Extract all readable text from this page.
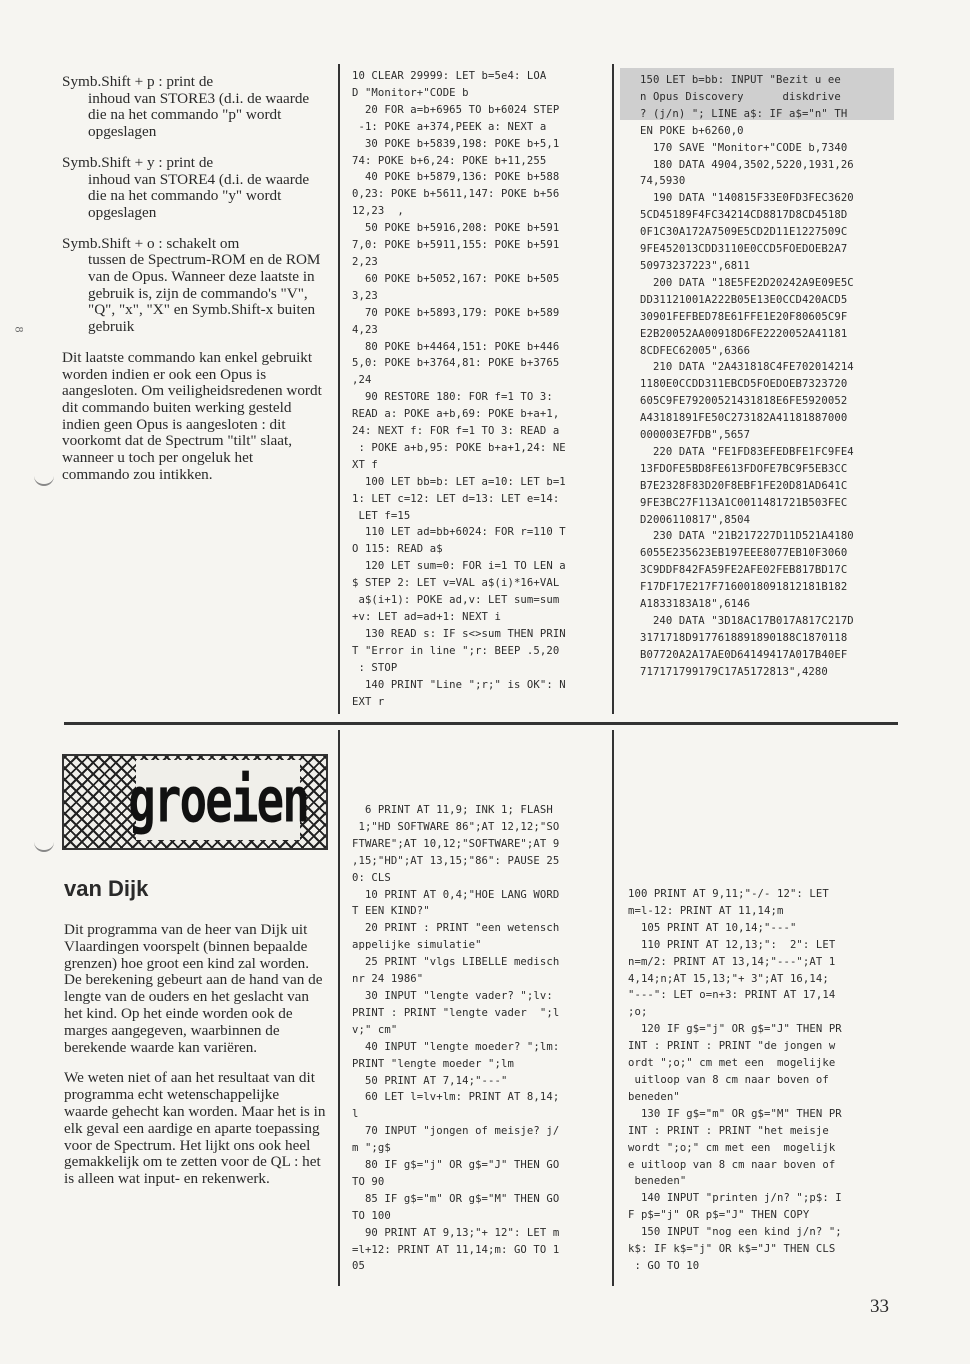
8
Symb.Shift + p : print de
inhoud van STORE3 (d.i. de waarde die na het commando "p" wordt opgeslagen
Symb.Shift + y : print de
inhoud van STORE4 (d.i. de waarde die na het commando "y" wordt opgeslagen
Symb.Shift + o : schakelt om
tussen de Spectrum-ROM en de ROM van de Opus. Wanneer deze laatste in gebruik is, zijn de commando's "V", "Q", "x", "X" en Symb.Shift-x buiten gebruik

Dit laatste commando kan enkel gebruikt worden indien er ook een Opus is aangesloten. Om veiligheidsredenen wordt dit commando buiten werking gesteld indien geen Opus is aangesloten : dit voorkomt dat de Spectrum "tilt" slaat, wanneer u toch per ongeluk het commando zou intikken.

10 CLEAR 29999: LET b=5e4: LOA
D "Monitor+"CODE b
20 FOR a=b+6965 TO b+6024 STEP
-1: POKE a+374,PEEK a: NEXT a
30 POKE b+5839,198: POKE b+5,1
74: POKE b+6,24: POKE b+11,255
40 POKE b+5879,136: POKE b+588
0,23: POKE b+5611,147: POKE b+56
12,23  ,
50 POKE b+5916,208: POKE b+591
7,0: POKE b+5911,155: POKE b+591
2,23
60 POKE b+5052,167: POKE b+505
3,23
70 POKE b+5893,179: POKE b+589
4,23
80 POKE b+4464,151: POKE b+446
5,0: POKE b+3764,81: POKE b+3765
,24
90 RESTORE 180: FOR f=1 TO 3:
READ a: POKE a+b,69: POKE b+a+1,
24: NEXT f: FOR f=1 TO 3: READ a
: POKE a+b,95: POKE b+a+1,24: NE
XT f
100 LET bb=b: LET a=10: LET b=1
1: LET c=12: LET d=13: LET e=14:
LET f=15
110 LET ad=bb+6024: FOR r=110 T
O 115: READ a$
120 LET sum=0: FOR i=1 TO LEN a
$ STEP 2: LET v=VAL a$(i)*16+VAL
a$(i+1): POKE ad,v: LET sum=sum
+v: LET ad=ad+1: NEXT i
130 READ s: IF s<>sum THEN PRIN
T "Error in line ";r: BEEP .5,20
: STOP
140 PRINT "Line ";r;" is OK": N
EXT r
150 LET b=bb: INPUT "Bezit u ee
n Opus Discovery      diskdrive
? (j/n) "; LINE a$: IF a$="n" TH
EN POKE b+6260,0
170 SAVE "Monitor+"CODE b,7340
180 DATA 4904,3502,5220,1931,26
74,5930
190 DATA "140815F33E0FD3FEC3620
5CD45189F4FC34214CD8817D8CD4518D
0F1C30A172A7509E5CD2D11E1227509C
9FE452013CDD3110E0CCD5FOEDOEB2A7
50973237223",6811
200 DATA "18E5FE2D20242A9E09E5C
DD31121001A222B05E13E0CCD420ACD5
30901FEFBED78E61FFE1E20F80605C9F
E2B20052AA00918D6FE2220052A41181
8CDFEC62005",6366
210 DATA "2A431818C4FE702014214
1180E0CCDD311EBCD5FOEDOEB7323720
605C9FE79200521431818E6FE5920052
A43181891FE50C273182A41181887000
000003E7FDB",5657
220 DATA "FE1FD83EFEDBFE1FC9FE4
13FDOFE5BD8FE613FDOFE7BC9F5EB3CC
B7E2328F83D20F8EBF1FE20D81AD641C
9FE3BC27F113A1C0011481721B503FEC
D2006110817",8504
230 DATA "21B217227D11D521A4180
6055E235623EB197EEE8077EB10F3060
3C9DDF842FA59FE2AFE02FEB817BD17C
F17DF17E217F7160018091812181B182
A1833183A18",6146
240 DATA "3D18AC17B017A817C217D
3171718D9177618891890188C1870118
B07720A2A17AE0D64149417A017B40EF
717171799179C17A5172813",4280
groeien
van Dijk

Dit programma van de heer van Dijk uit Vlaardingen voorspelt (binnen bepaalde grenzen) hoe groot een kind zal worden. De berekening gebeurt aan de hand van de lengte van de ouders en het geslacht van het kind. Op het einde worden ook de marges aangegeven, waarbinnen de berekende waarde kan variëren.

We weten niet of aan het resultaat van dit programma echt wetenschappelijke waarde gehecht kan worden. Maar het is in elk geval een aardige en aparte toepassing voor de Spectrum. Het lijkt ons ook heel gemakkelijk om te zetten voor de QL : het is alleen wat input- en rekenwerk.

6 PRINT AT 11,9; INK 1; FLASH
1;"HD SOFTWARE 86";AT 12,12;"SO
FTWARE";AT 10,12;"SOFTWARE";AT 9
,15;"HD";AT 13,15;"86": PAUSE 25
0: CLS
10 PRINT AT 0,4;"HOE LANG WORD
T EEN KIND?"
20 PRINT : PRINT "een wetensch
appelijke simulatie"
25 PRINT "vlgs LIBELLE medisch
nr 24 1986"
30 INPUT "lengte vader? ";lv:
PRINT : PRINT "lengte vader  ";l
v;" cm"
40 INPUT "lengte moeder? ";lm:
PRINT "lengte moeder ";lm
50 PRINT AT 7,14;"---"
60 LET l=lv+lm: PRINT AT 8,14;
l
70 INPUT "jongen of meisje? j/
m ";g$
80 IF g$="j" OR g$="J" THEN GO
TO 90
85 IF g$="m" OR g$="M" THEN GO
TO 100
90 PRINT AT 9,13;"+ 12": LET m
=l+12: PRINT AT 11,14;m: GO TO 1
05
100 PRINT AT 9,11;"-/- 12": LET
m=l-12: PRINT AT 11,14;m
105 PRINT AT 10,14;"---"
110 PRINT AT 12,13;":  2": LET
n=m/2: PRINT AT 13,14;"---";AT 1
4,14;n;AT 15,13;"+ 3";AT 16,14;
"---": LET o=n+3: PRINT AT 17,14
;o;
120 IF g$="j" OR g$="J" THEN PR
INT : PRINT : PRINT "de jongen w
ordt ";o;" cm met een  mogelijke
uitloop van 8 cm naar boven of
beneden"
130 IF g$="m" OR g$="M" THEN PR
INT : PRINT : PRINT "het meisje
wordt ";o;" cm met een  mogelijk
e uitloop van 8 cm naar boven of
beneden"
140 INPUT "printen j/n? ";p$: I
F p$="j" OR p$="J" THEN COPY
150 INPUT "nog een kind j/n? ";
k$: IF k$="j" OR k$="J" THEN CLS
: GO TO 10
33
